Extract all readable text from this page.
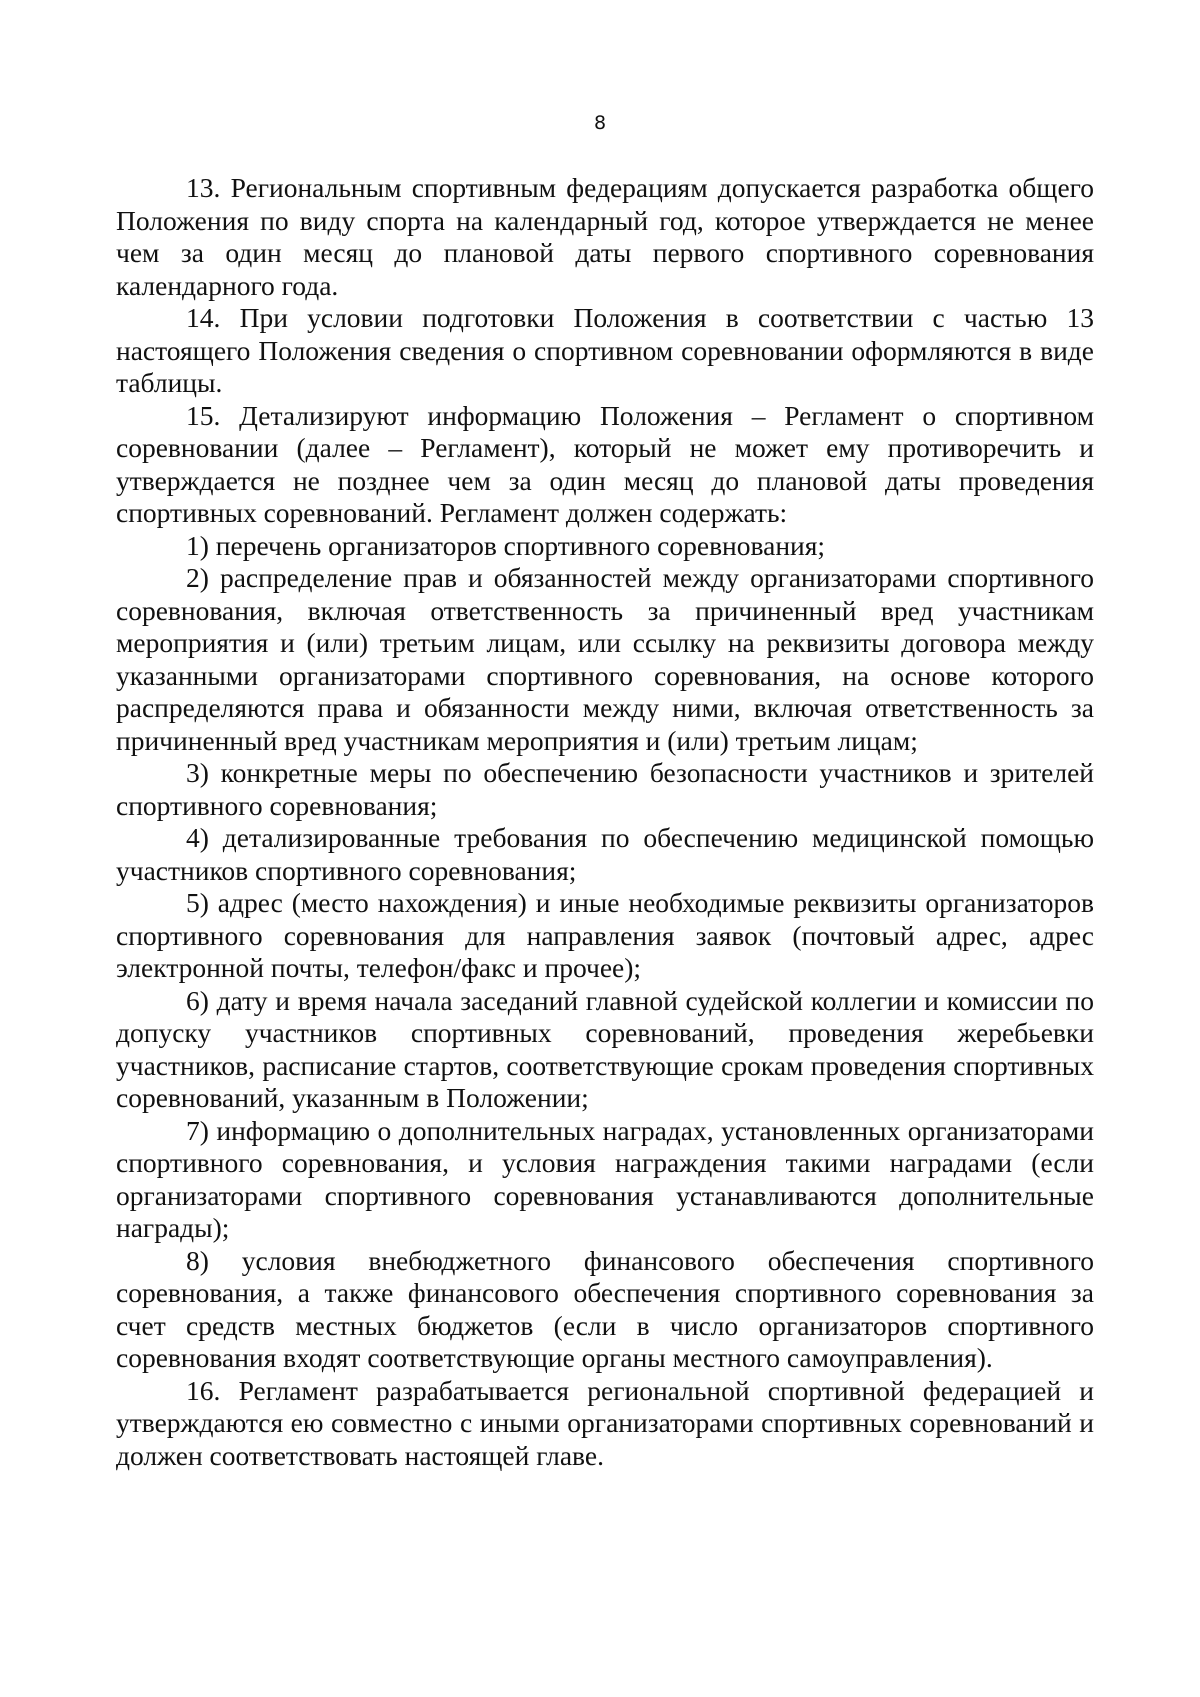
8

13. Региональным спортивным федерациям допускается разработка общего Положения по виду спорта на календарный год, которое утверждается не менее чем за один месяц до плановой даты первого спортивного соревнования календарного года.

14. При условии подготовки Положения в соответствии с частью 13 настоящего Положения сведения о спортивном соревновании оформляются в виде таблицы.

15. Детализируют информацию Положения – Регламент о спортивном соревновании (далее – Регламент), который не может ему противоречить и утверждается не позднее чем за один месяц до плановой даты проведения спортивных соревнований. Регламент должен содержать:

1) перечень организаторов спортивного соревнования;

2) распределение прав и обязанностей между организаторами спортивного соревнования, включая ответственность за причиненный вред участникам мероприятия и (или) третьим лицам, или ссылку на реквизиты договора между указанными организаторами спортивного соревнования, на основе которого распределяются права и обязанности между ними, включая ответственность за причиненный вред участникам мероприятия и (или) третьим лицам;

3) конкретные меры по обеспечению безопасности участников и зрителей спортивного соревнования;

4) детализированные требования по обеспечению медицинской помощью участников спортивного соревнования;

5) адрес (место нахождения) и иные необходимые реквизиты организаторов спортивного соревнования для направления заявок (почтовый адрес, адрес электронной почты, телефон/факс и прочее);

6) дату и время начала заседаний главной судейской коллегии и комиссии по допуску участников спортивных соревнований, проведения жеребьевки участников, расписание стартов, соответствующие срокам проведения спортивных соревнований, указанным в Положении;

7) информацию о дополнительных наградах, установленных организаторами спортивного соревнования, и условия награждения такими наградами (если организаторами спортивного соревнования устанавливаются дополнительные награды);

8) условия внебюджетного финансового обеспечения спортивного соревнования, а также финансового обеспечения спортивного соревнования за счет средств местных бюджетов (если в число организаторов спортивного соревнования входят соответствующие органы местного самоуправления).

16. Регламент разрабатывается региональной спортивной федерацией и утверждаются ею совместно с иными организаторами спортивных соревнований и должен соответствовать настоящей главе.
